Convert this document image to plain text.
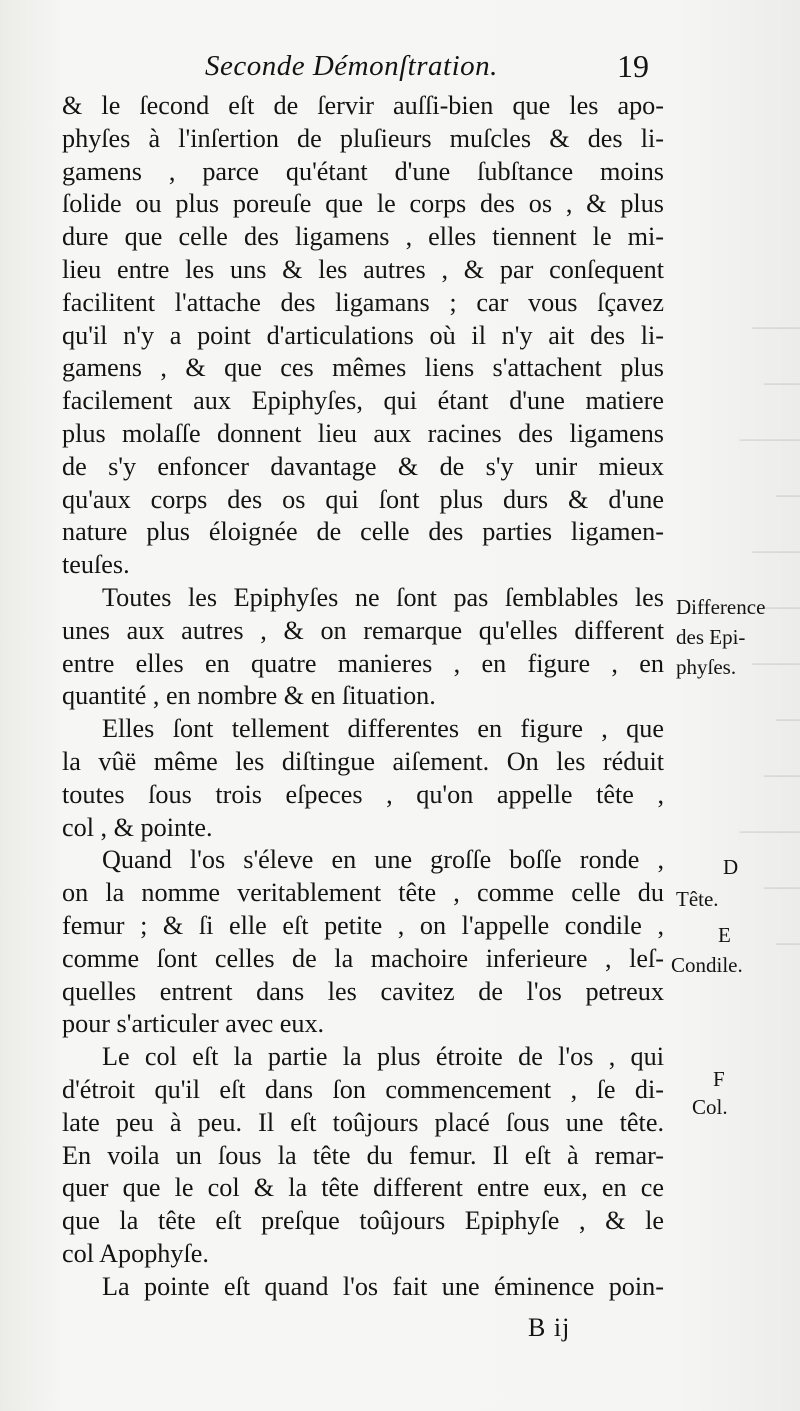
────
───
─────
──
────
───
────
──
───
─────
───
──
Seconde Démonſtration.	19
& le ſecond eſt de ſervir auſſi-bien que les apo-
phyſes à l'inſertion de pluſieurs muſcles & des li-
gamens , parce qu'étant d'une ſubſtance moins
ſolide ou plus poreuſe que le corps des os , & plus
dure que celle des ligamens , elles tiennent le mi-
lieu entre les uns & les autres , & par conſequent
facilitent l'attache des ligamans ; car vous ſçavez
qu'il n'y a point d'articulations où il n'y ait des li-
gamens , & que ces mêmes liens s'attachent plus
facilement aux Epiphyſes, qui étant d'une matiere
plus molaſſe donnent lieu aux racines des ligamens
de s'y enfoncer davantage & de s'y unir mieux
qu'aux corps des os qui ſont plus durs & d'une
nature plus éloignée de celle des parties ligamen-
teuſes.
Toutes les Epiphyſes ne ſont pas ſemblables les
unes aux autres , & on remarque qu'elles different
entre elles en quatre manieres , en figure , en
quantité , en nombre & en ſituation.
Elles ſont tellement differentes en figure , que
la vûë même les diſtingue aiſement. On les réduit
toutes ſous trois eſpeces , qu'on appelle tête ,
col , & pointe.
Quand l'os s'éleve en une groſſe boſſe ronde ,
on la nomme veritablement tête , comme celle du
femur ; & ſi elle eſt petite , on l'appelle condile ,
comme ſont celles de la machoire inferieure , leſ-
quelles entrent dans les cavitez de l'os petreux
pour s'articuler avec eux.
Le col eſt la partie la plus étroite de l'os , qui
d'étroit qu'il eſt dans ſon commencement , ſe di-
late peu à peu. Il eſt toûjours placé ſous une tête.
En voila un ſous la tête du femur. Il eſt à remar-
quer que le col & la tête different entre eux, en ce
que la tête eſt preſque toûjours Epiphyſe , & le
col Apophyſe.
La pointe eſt quand l'os fait une éminence poin-
Difference
des Epi-
phyſes.
D
Tête.
E
Condile.
F
Col.
B ij
